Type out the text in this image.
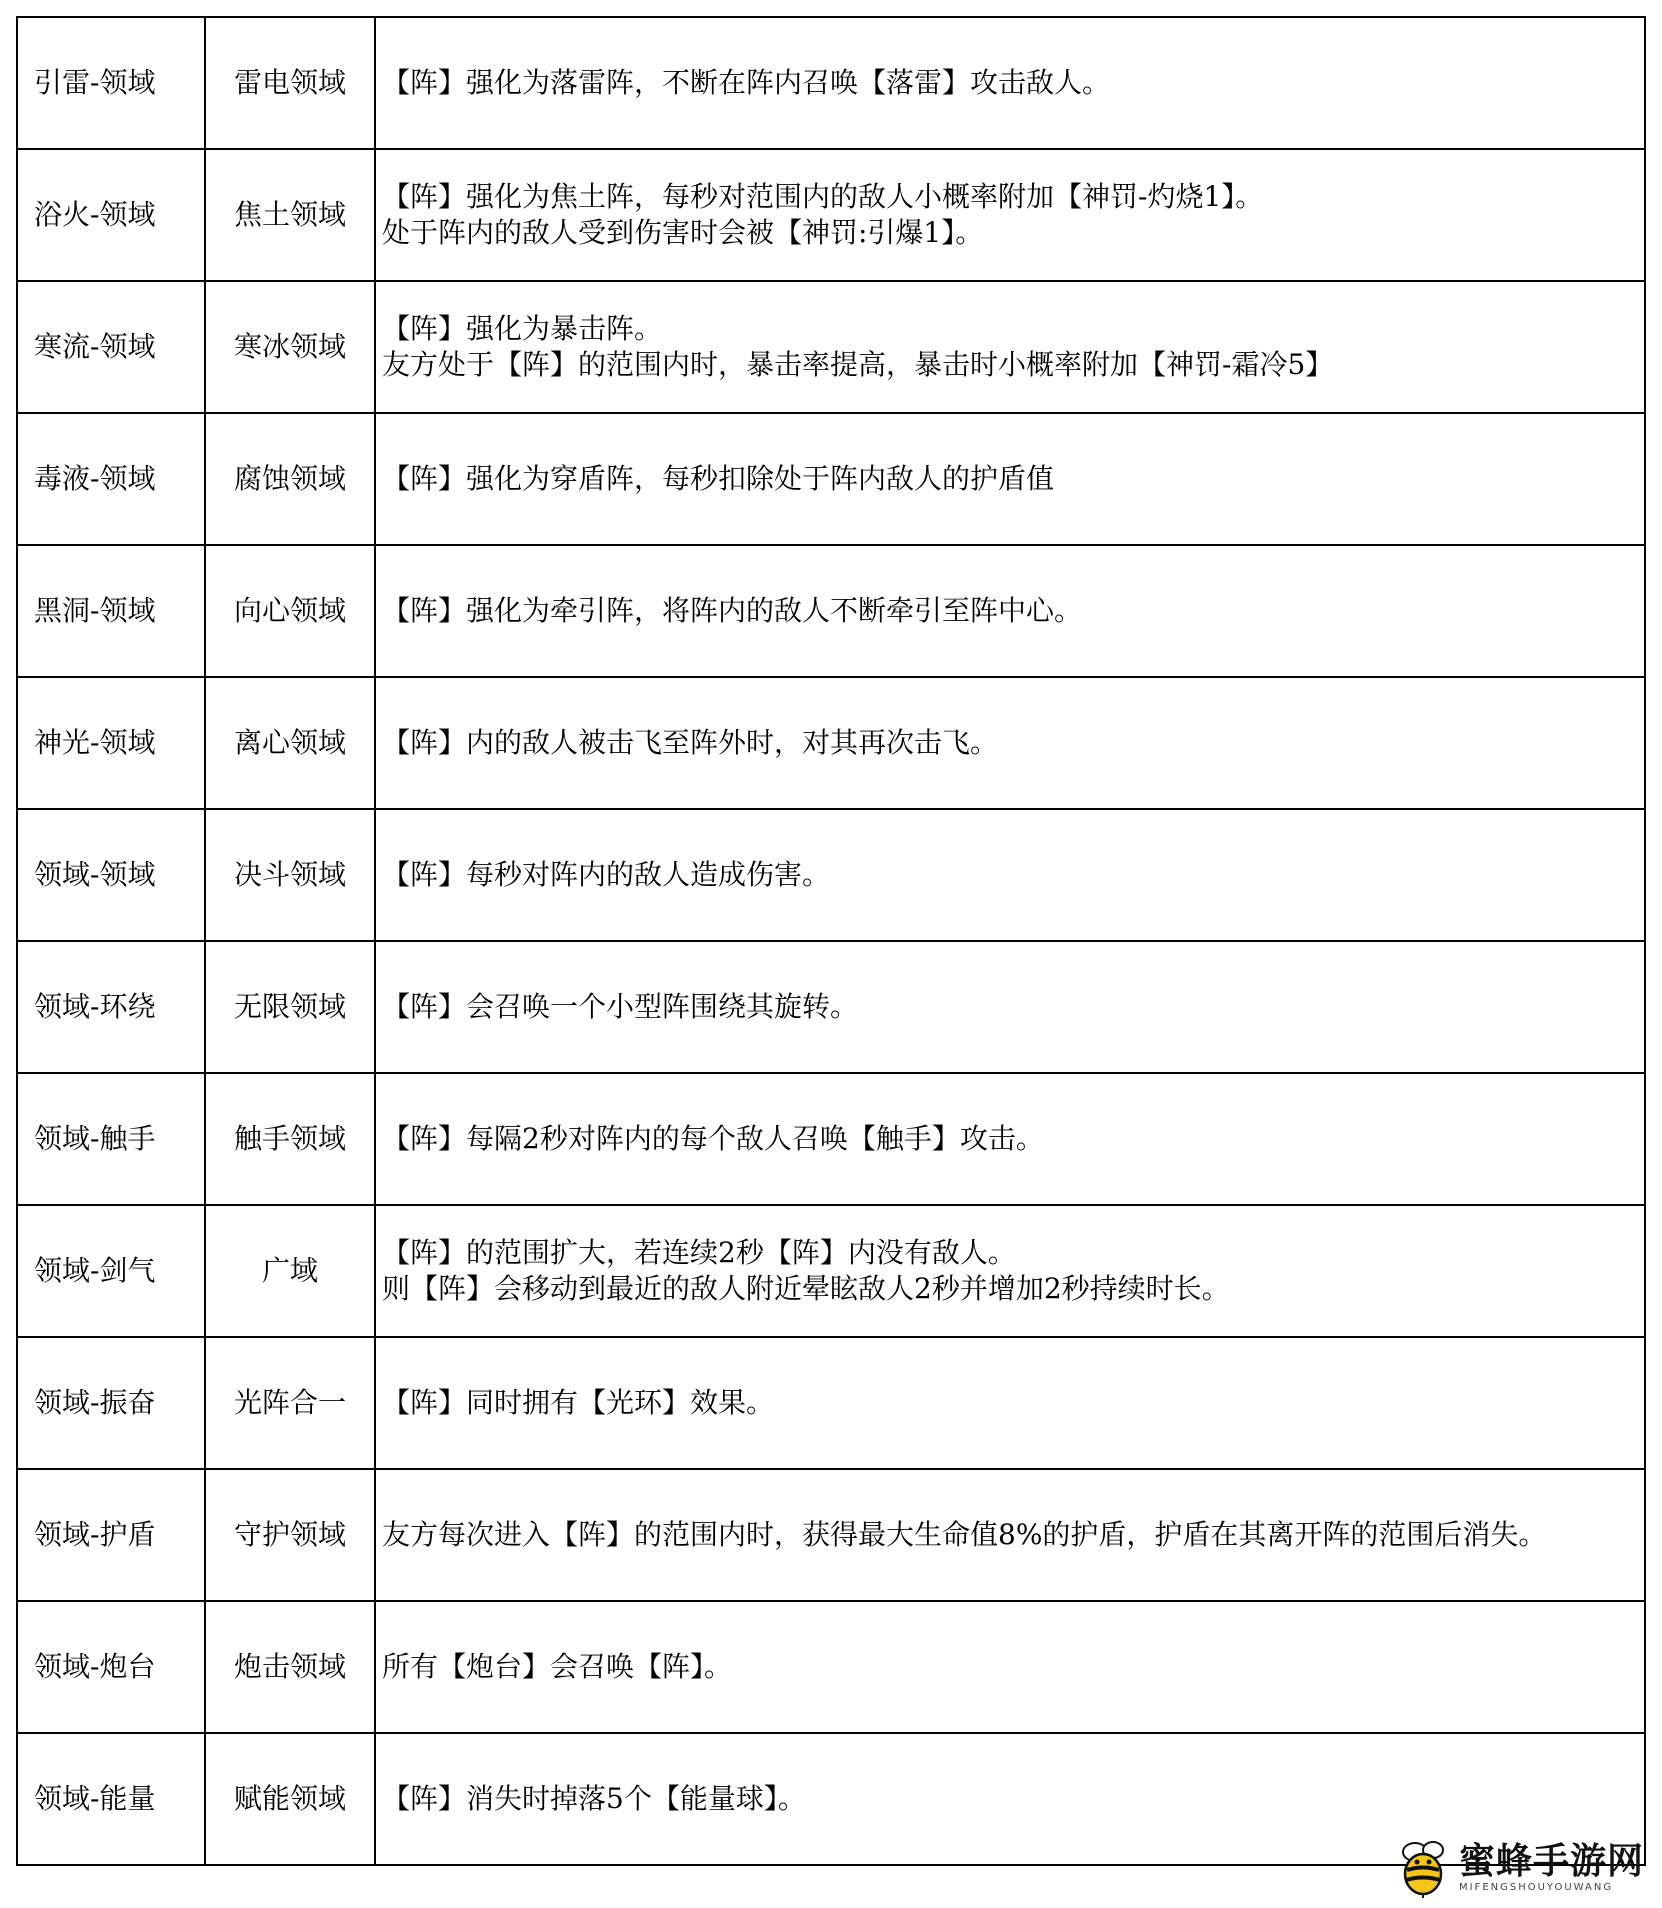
引雷-领域	雷电领域	【阵】强化为落雷阵，不断在阵内召唤【落雷】攻击敌人。

浴火-领域	焦土领域	【阵】强化为焦土阵，每秒对范围内的敌人小概率附加【神罚-灼烧1】。
处于阵内的敌人受到伤害时会被【神罚:引爆1】。

寒流-领域	寒冰领域	【阵】强化为暴击阵。
友方处于【阵】的范围内时，暴击率提高，暴击时小概率附加【神罚-霜冷5】

毒液-领域	腐蚀领域	【阵】强化为穿盾阵，每秒扣除处于阵内敌人的护盾值

黑洞-领域	向心领域	【阵】强化为牵引阵，将阵内的敌人不断牵引至阵中心。

神光-领域	离心领域	【阵】内的敌人被击飞至阵外时，对其再次击飞。

领域-领域	决斗领域	【阵】每秒对阵内的敌人造成伤害。

领域-环绕	无限领域	【阵】会召唤一个小型阵围绕其旋转。

领域-触手	触手领域	【阵】每隔2秒对阵内的每个敌人召唤【触手】攻击。

领域-剑气	广域	【阵】的范围扩大，若连续2秒【阵】内没有敌人。
则【阵】会移动到最近的敌人附近晕眩敌人2秒并增加2秒持续时长。

领域-振奋	光阵合一	【阵】同时拥有【光环】效果。

领域-护盾	守护领域	友方每次进入【阵】的范围内时，获得最大生命值8%的护盾，护盾在其离开阵的范围后消失。

领域-炮台	炮击领域	所有【炮台】会召唤【阵】。

领域-能量	赋能领域	【阵】消失时掉落5个【能量球】。
蜜蜂手游网
MIFENGSHOUYOUWANG
